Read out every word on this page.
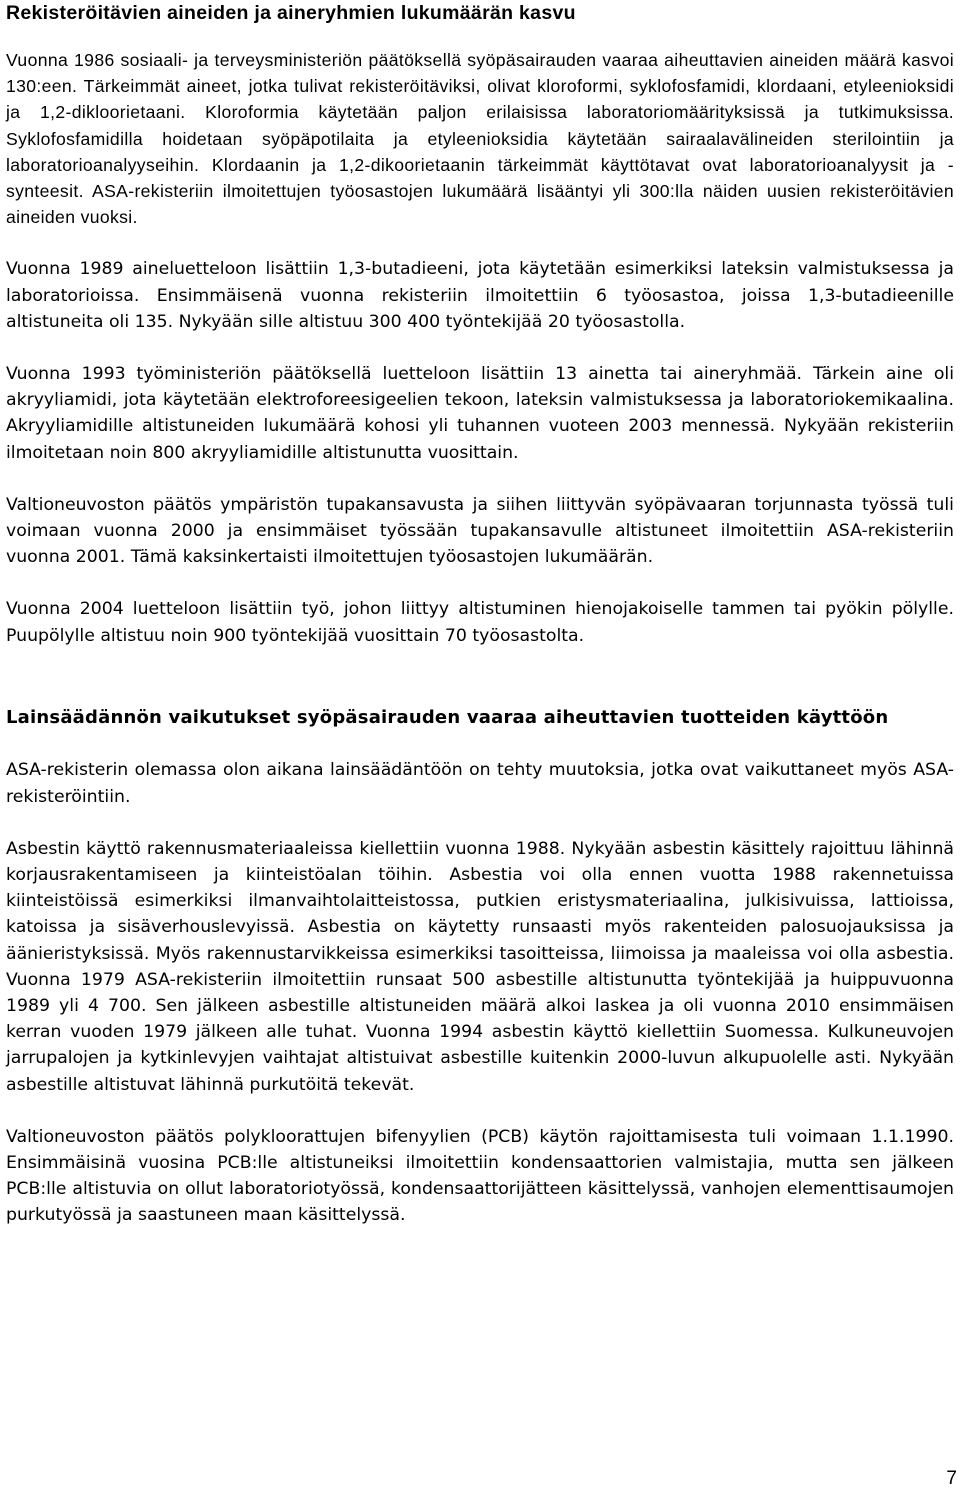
Rekisteröitävien aineiden ja aineryhmien lukumäärän kasvu

Vuonna 1986 sosiaali- ja terveysministeriön päätöksellä syöpäsairauden vaaraa aiheuttavien aineiden määrä kasvoi 130:een. Tärkeimmät aineet, jotka tulivat rekisteröitäviksi, olivat kloroformi, syklofosfamidi, klordaani, etyleenioksidi ja 1,2-dikloorietaani. Kloroformia käytetään paljon erilaisissa laboratoriomäärityksissä ja tutkimuksissa. Syklofosfamidilla hoidetaan syöpäpotilaita ja etyleenioksidia käytetään sairaalavälineiden sterilointiin ja laboratorioanalyyseihin. Klordaanin ja 1,2-dikoorietaanin tärkeimmät käyttötavat ovat laboratorioanalyysit ja -synteesit. ASA-rekisteriin ilmoitettujen työosastojen lukumäärä lisääntyi yli 300:lla näiden uusien rekisteröitävien aineiden vuoksi.

Vuonna 1989 aineluetteloon lisättiin 1,3-butadieeni, jota käytetään esimerkiksi lateksin valmistuksessa ja laboratorioissa. Ensimmäisenä vuonna rekisteriin ilmoitettiin 6 työosastoa, joissa 1,3-butadieenille altistuneita oli 135. Nykyään sille altistuu 300 400 työntekijää 20 työosastolla.

Vuonna 1993 työministeriön päätöksellä luetteloon lisättiin 13 ainetta tai aineryhmää. Tärkein aine oli akryyliamidi, jota käytetään elektroforeesigeelien tekoon, lateksin valmistuksessa ja laboratoriokemikaalina. Akryyliamidille altistuneiden lukumäärä kohosi yli tuhannen vuoteen 2003 mennessä. Nykyään rekisteriin ilmoitetaan noin 800 akryyliamidille altistunutta vuosittain.

Valtioneuvoston päätös ympäristön tupakansavusta ja siihen liittyvän syöpävaaran torjunnasta työssä tuli voimaan vuonna 2000 ja ensimmäiset työssään tupakansavulle altistuneet ilmoitettiin ASA-rekisteriin vuonna 2001. Tämä kaksinkertaisti ilmoitettujen työosastojen lukumäärän.

Vuonna 2004 luetteloon lisättiin työ, johon liittyy altistuminen hienojakoiselle tammen tai pyökin pölylle. Puupölylle altistuu noin 900 työntekijää vuosittain 70 työosastolta.

Lainsäädännön vaikutukset syöpäsairauden vaaraa aiheuttavien tuotteiden käyttöön

ASA-rekisterin olemassa olon aikana lainsäädäntöön on tehty muutoksia, jotka ovat vaikuttaneet myös ASA-rekisteröintiin.

Asbestin käyttö rakennusmateriaaleissa kiellettiin vuonna 1988. Nykyään asbestin käsittely rajoittuu lähinnä korjausrakentamiseen ja kiinteistöalan töihin. Asbestia voi olla ennen vuotta 1988 rakennetuissa kiinteistöissä esimerkiksi ilmanvaihtolaitteistossa, putkien eristysmateriaalina, julkisivuissa, lattioissa, katoissa ja sisäverhouslevyissä. Asbestia on käytetty runsaasti myös rakenteiden palosuojauksissa ja äänieristyksissä. Myös rakennustarvikkeissa esimerkiksi tasoitteissa, liimoissa ja maaleissa voi olla asbestia. Vuonna 1979 ASA-rekisteriin ilmoitettiin runsaat 500 asbestille altistunutta työntekijää ja huippuvuonna 1989 yli 4 700. Sen jälkeen asbestille altistuneiden määrä alkoi laskea ja oli vuonna 2010 ensimmäisen kerran vuoden 1979 jälkeen alle tuhat. Vuonna 1994 asbestin käyttö kiellettiin Suomessa. Kulkuneuvojen jarrupalojen ja kytkinlevyjen vaihtajat altistuivat asbestille kuitenkin 2000-luvun alkupuolelle asti. Nykyään asbestille altistuvat lähinnä purkutöitä tekevät.

Valtioneuvoston päätös polykloorattujen bifenyylien (PCB) käytön rajoittamisesta tuli voimaan 1.1.1990. Ensimmäisinä vuosina PCB:lle altistuneiksi ilmoitettiin kondensaattorien valmistajia, mutta sen jälkeen PCB:lle altistuvia on ollut laboratoriotyössä, kondensaattorijätteen käsittelyssä, vanhojen elementtisaumojen purkutyössä ja saastuneen maan käsittelyssä.

7
